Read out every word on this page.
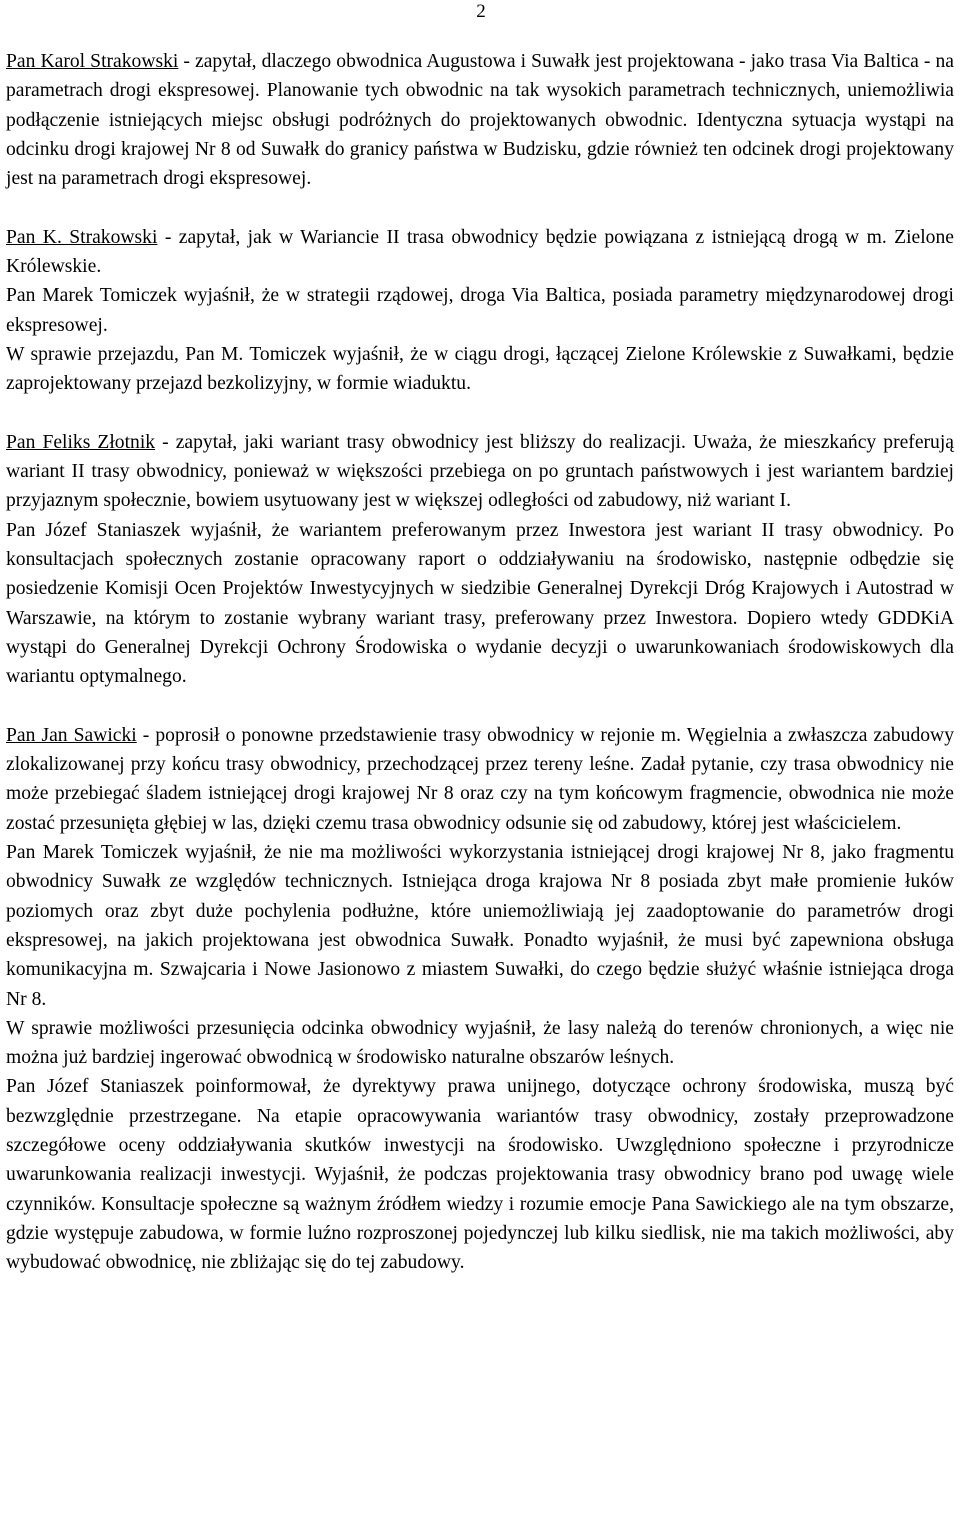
2

Pan Karol Strakowski - zapytał, dlaczego obwodnica Augustowa i Suwałk jest projektowana - jako trasa Via Baltica - na parametrach drogi ekspresowej. Planowanie tych obwodnic na tak wysokich parametrach technicznych, uniemożliwia podłączenie istniejących miejsc obsługi podróżnych do projektowanych obwodnic. Identyczna sytuacja wystąpi na odcinku drogi krajowej Nr 8 od Suwałk do granicy państwa w Budzisku, gdzie również ten odcinek drogi projektowany jest na parametrach drogi ekspresowej.

Pan K. Strakowski - zapytał, jak w Wariancie II trasa obwodnicy będzie powiązana z istniejącą drogą w m. Zielone Królewskie.

Pan Marek Tomiczek wyjaśnił, że w strategii rządowej, droga Via Baltica, posiada parametry międzynarodowej drogi ekspresowej.

W sprawie przejazdu, Pan M. Tomiczek wyjaśnił, że w ciągu drogi, łączącej Zielone Królewskie z Suwałkami, będzie zaprojektowany przejazd bezkolizyjny, w formie wiaduktu.

Pan Feliks Złotnik - zapytał, jaki wariant trasy obwodnicy jest bliższy do realizacji. Uważa, że mieszkańcy preferują wariant II trasy obwodnicy, ponieważ w większości przebiega on po gruntach państwowych i jest wariantem bardziej przyjaznym społecznie, bowiem usytuowany jest w większej odległości od zabudowy, niż wariant I.

Pan Józef Staniaszek wyjaśnił, że wariantem preferowanym przez Inwestora jest wariant II trasy obwodnicy. Po konsultacjach społecznych zostanie opracowany raport o oddziaływaniu na środowisko, następnie odbędzie się posiedzenie Komisji Ocen Projektów Inwestycyjnych w siedzibie Generalnej Dyrekcji Dróg Krajowych i Autostrad w Warszawie, na którym to zostanie wybrany wariant trasy, preferowany przez Inwestora. Dopiero wtedy GDDKiA wystąpi do Generalnej Dyrekcji Ochrony Środowiska o wydanie decyzji o uwarunkowaniach środowiskowych dla wariantu optymalnego.

Pan Jan Sawicki - poprosił o ponowne przedstawienie trasy obwodnicy w rejonie m. Węgielnia a zwłaszcza zabudowy zlokalizowanej przy końcu trasy obwodnicy, przechodzącej przez tereny leśne. Zadał pytanie, czy trasa obwodnicy nie może przebiegać śladem istniejącej drogi krajowej Nr 8 oraz czy na tym końcowym fragmencie, obwodnica nie może zostać przesunięta głębiej w las, dzięki czemu trasa obwodnicy odsunie się od zabudowy, której jest właścicielem.

Pan Marek Tomiczek wyjaśnił, że nie ma możliwości wykorzystania istniejącej drogi krajowej Nr 8, jako fragmentu obwodnicy Suwałk ze względów technicznych. Istniejąca droga krajowa Nr 8 posiada zbyt małe promienie łuków poziomych oraz zbyt duże pochylenia podłużne, które uniemożliwiają jej zaadoptowanie do parametrów drogi ekspresowej, na jakich projektowana jest obwodnica Suwałk. Ponadto wyjaśnił, że musi być zapewniona obsługa komunikacyjna m. Szwajcaria i Nowe Jasionowo z miastem Suwałki, do czego będzie służyć właśnie istniejąca droga Nr 8.

W sprawie możliwości przesunięcia odcinka obwodnicy wyjaśnił, że lasy należą do terenów chronionych, a więc nie można już bardziej ingerować obwodnicą w środowisko naturalne obszarów leśnych.

Pan Józef Staniaszek poinformował, że dyrektywy prawa unijnego, dotyczące ochrony środowiska, muszą być bezwzględnie przestrzegane. Na etapie opracowywania wariantów trasy obwodnicy, zostały przeprowadzone szczegółowe oceny oddziaływania skutków inwestycji na środowisko. Uwzględniono społeczne i przyrodnicze uwarunkowania realizacji inwestycji. Wyjaśnił, że podczas projektowania trasy obwodnicy brano pod uwagę wiele czynników. Konsultacje społeczne są ważnym źródłem wiedzy i rozumie emocje Pana Sawickiego ale na tym obszarze, gdzie występuje zabudowa, w formie luźno rozproszonej pojedynczej lub kilku siedlisk, nie ma takich możliwości, aby wybudować obwodnicę, nie zbliżając się do tej zabudowy.
